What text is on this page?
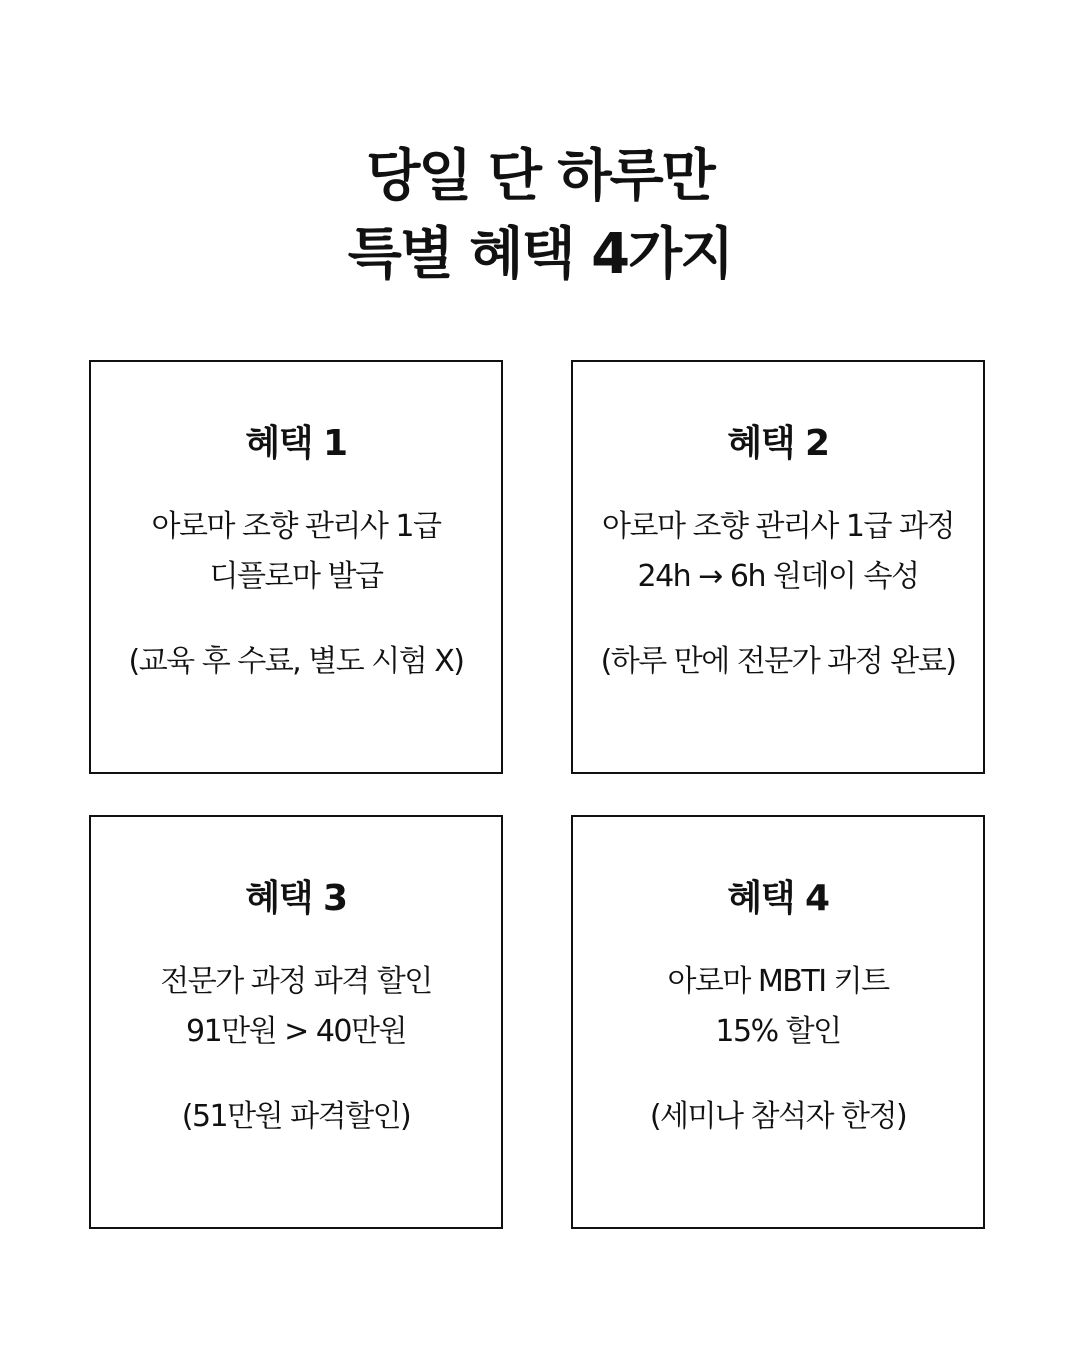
당일 단 하루만
특별 혜택 4가지
혜택 1
아로마 조향 관리사 1급
디플로마 발급
(교육 후 수료, 별도 시험 X)
혜택 2
아로마 조향 관리사 1급 과정
24h → 6h 원데이 속성
(하루 만에 전문가 과정 완료)
혜택 3
전문가 과정 파격 할인
91만원 > 40만원
(51만원 파격할인)
혜택 4
아로마 MBTI 키트
15% 할인
(세미나 참석자 한정)
